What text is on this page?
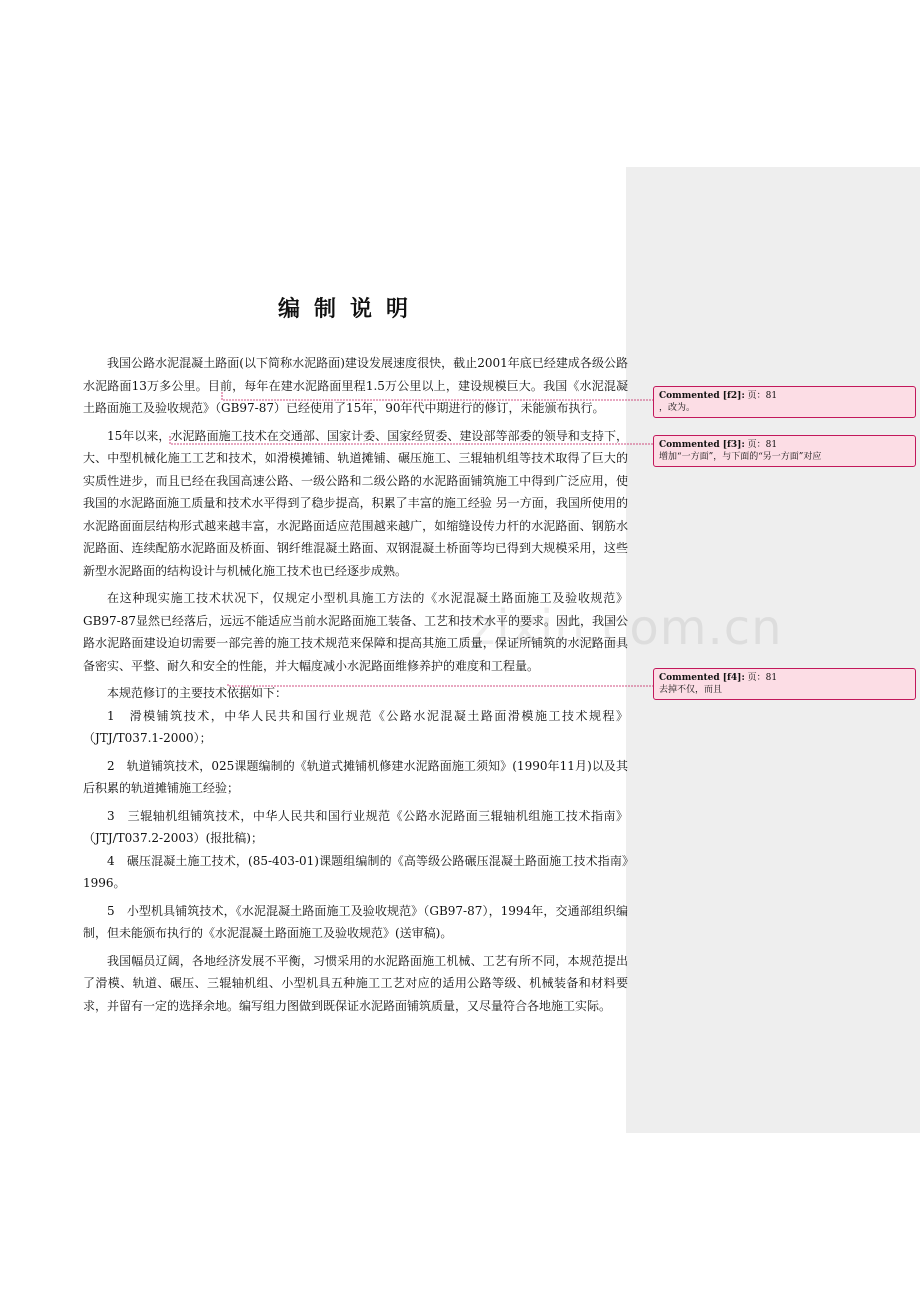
zixin.com.cn
编制说明

我国公路水泥混凝土路面(以下简称水泥路面)建设发展速度很快，截止2001年底已经建成各级公路水泥路面13万多公里。目前，每年在建水泥路面里程1.5万公里以上，建设规模巨大。我国《水泥混凝土路面施工及验收规范》（GB97-87）已经使用了15年，90年代中期进行的修订，未能颁布执行。

15年以来，水泥路面施工技术在交通部、国家计委、国家经贸委、建设部等部委的领导和支持下，大、中型机械化施工工艺和技术，如滑模摊铺、轨道摊铺、碾压施工、三辊轴机组等技术取得了巨大的实质性进步，而且已经在我国高速公路、一级公路和二级公路的水泥路面铺筑施工中得到广泛应用，使我国的水泥路面施工质量和技术水平得到了稳步提高，积累了丰富的施工经验 另一方面，我国所使用的水泥路面面层结构形式越来越丰富，水泥路面适应范围越来越广，如缩缝设传力杆的水泥路面、钢筋水泥路面、连续配筋水泥路面及桥面、钢纤维混凝土路面、双钢混凝土桥面等均已得到大规模采用，这些新型水泥路面的结构设计与机械化施工技术也已经逐步成熟。

在这种现实施工技术状况下，仅规定小型机具施工方法的《水泥混凝土路面施工及验收规范》GB97-87显然已经落后，远远不能适应当前水泥路面施工装备、工艺和技术水平的要求。因此，我国公路水泥路面建设迫切需要一部完善的施工技术规范来保障和提高其施工质量，保证所铺筑的水泥路面具备密实、平整、耐久和安全的性能，并大幅度减小水泥路面维修养护的难度和工程量。

本规范修订的主要技术依据如下：

1　滑模铺筑技术，中华人民共和国行业规范《公路水泥混凝土路面滑模施工技术规程》（JTJ/T037.1-2000）；

2　轨道铺筑技术，025课题编制的《轨道式摊铺机修建水泥路面施工须知》(1990年11月)以及其后积累的轨道摊铺施工经验；

3　三辊轴机组铺筑技术，中华人民共和国行业规范《公路水泥路面三辊轴机组施工技术指南》（JTJ/T037.2-2003）(报批稿)；

4　碾压混凝土施工技术，(85-403-01)课题组编制的《高等级公路碾压混凝土路面施工技术指南》1996。

5　小型机具铺筑技术，《水泥混凝土路面施工及验收规范》（GB97-87），1994年，交通部组织编制，但未能颁布执行的《水泥混凝土路面施工及验收规范》(送审稿)。

我国幅员辽阔，各地经济发展不平衡，习惯采用的水泥路面施工机械、工艺有所不同，本规范提出了滑模、轨道、碾压、三辊轴机组、小型机具五种施工工艺对应的适用公路等级、机械装备和材料要求，并留有一定的选择余地。编写组力图做到既保证水泥路面铺筑质量，又尽量符合各地施工实际。

Commented [f2]: 页：81
，改为。
Commented [f3]: 页：81
增加“一方面”，与下面的“另一方面”对应
Commented [f4]: 页：81
去掉不仅，而且
